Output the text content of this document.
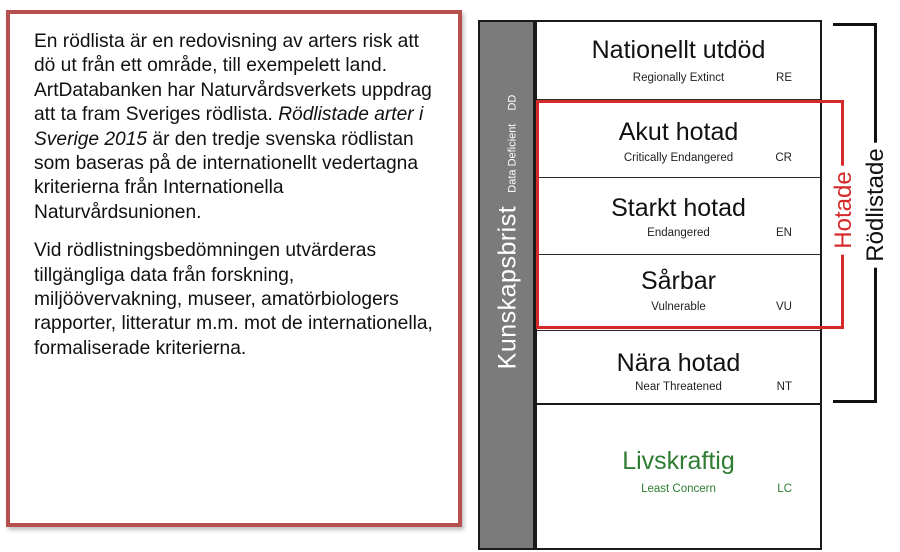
En rödlista är en redovisning av arters risk att dö ut från ett område, till exempelett land. ArtDatabanken har Naturvårdsverkets uppdrag att ta fram Sveriges rödlista. Rödlistade arter i Sverige 2015 är den tredje svenska rödlistan som baseras på de internationellt vedertagna kriterierna från Internationella Naturvårdsunionen.

Vid rödlistningsbedömningen utvärderas tillgängliga data från forskning, miljöövervakning, museer, amatörbiologers rapporter, litteratur m.m. mot de internationella, formaliserade kriterierna.	Kunskapsbrist Data Deficient DD
Nationellt utdöd
Regionally Extinct	RE
Akut hotad
Critically Endangered	CR
Starkt hotad
Endangered	EN
Sårbar
Vulnerable	VU
Nära hotad
Near Threatened	NT
Livskraftig
Least Concern	LC
Rödlistade
Hotade
